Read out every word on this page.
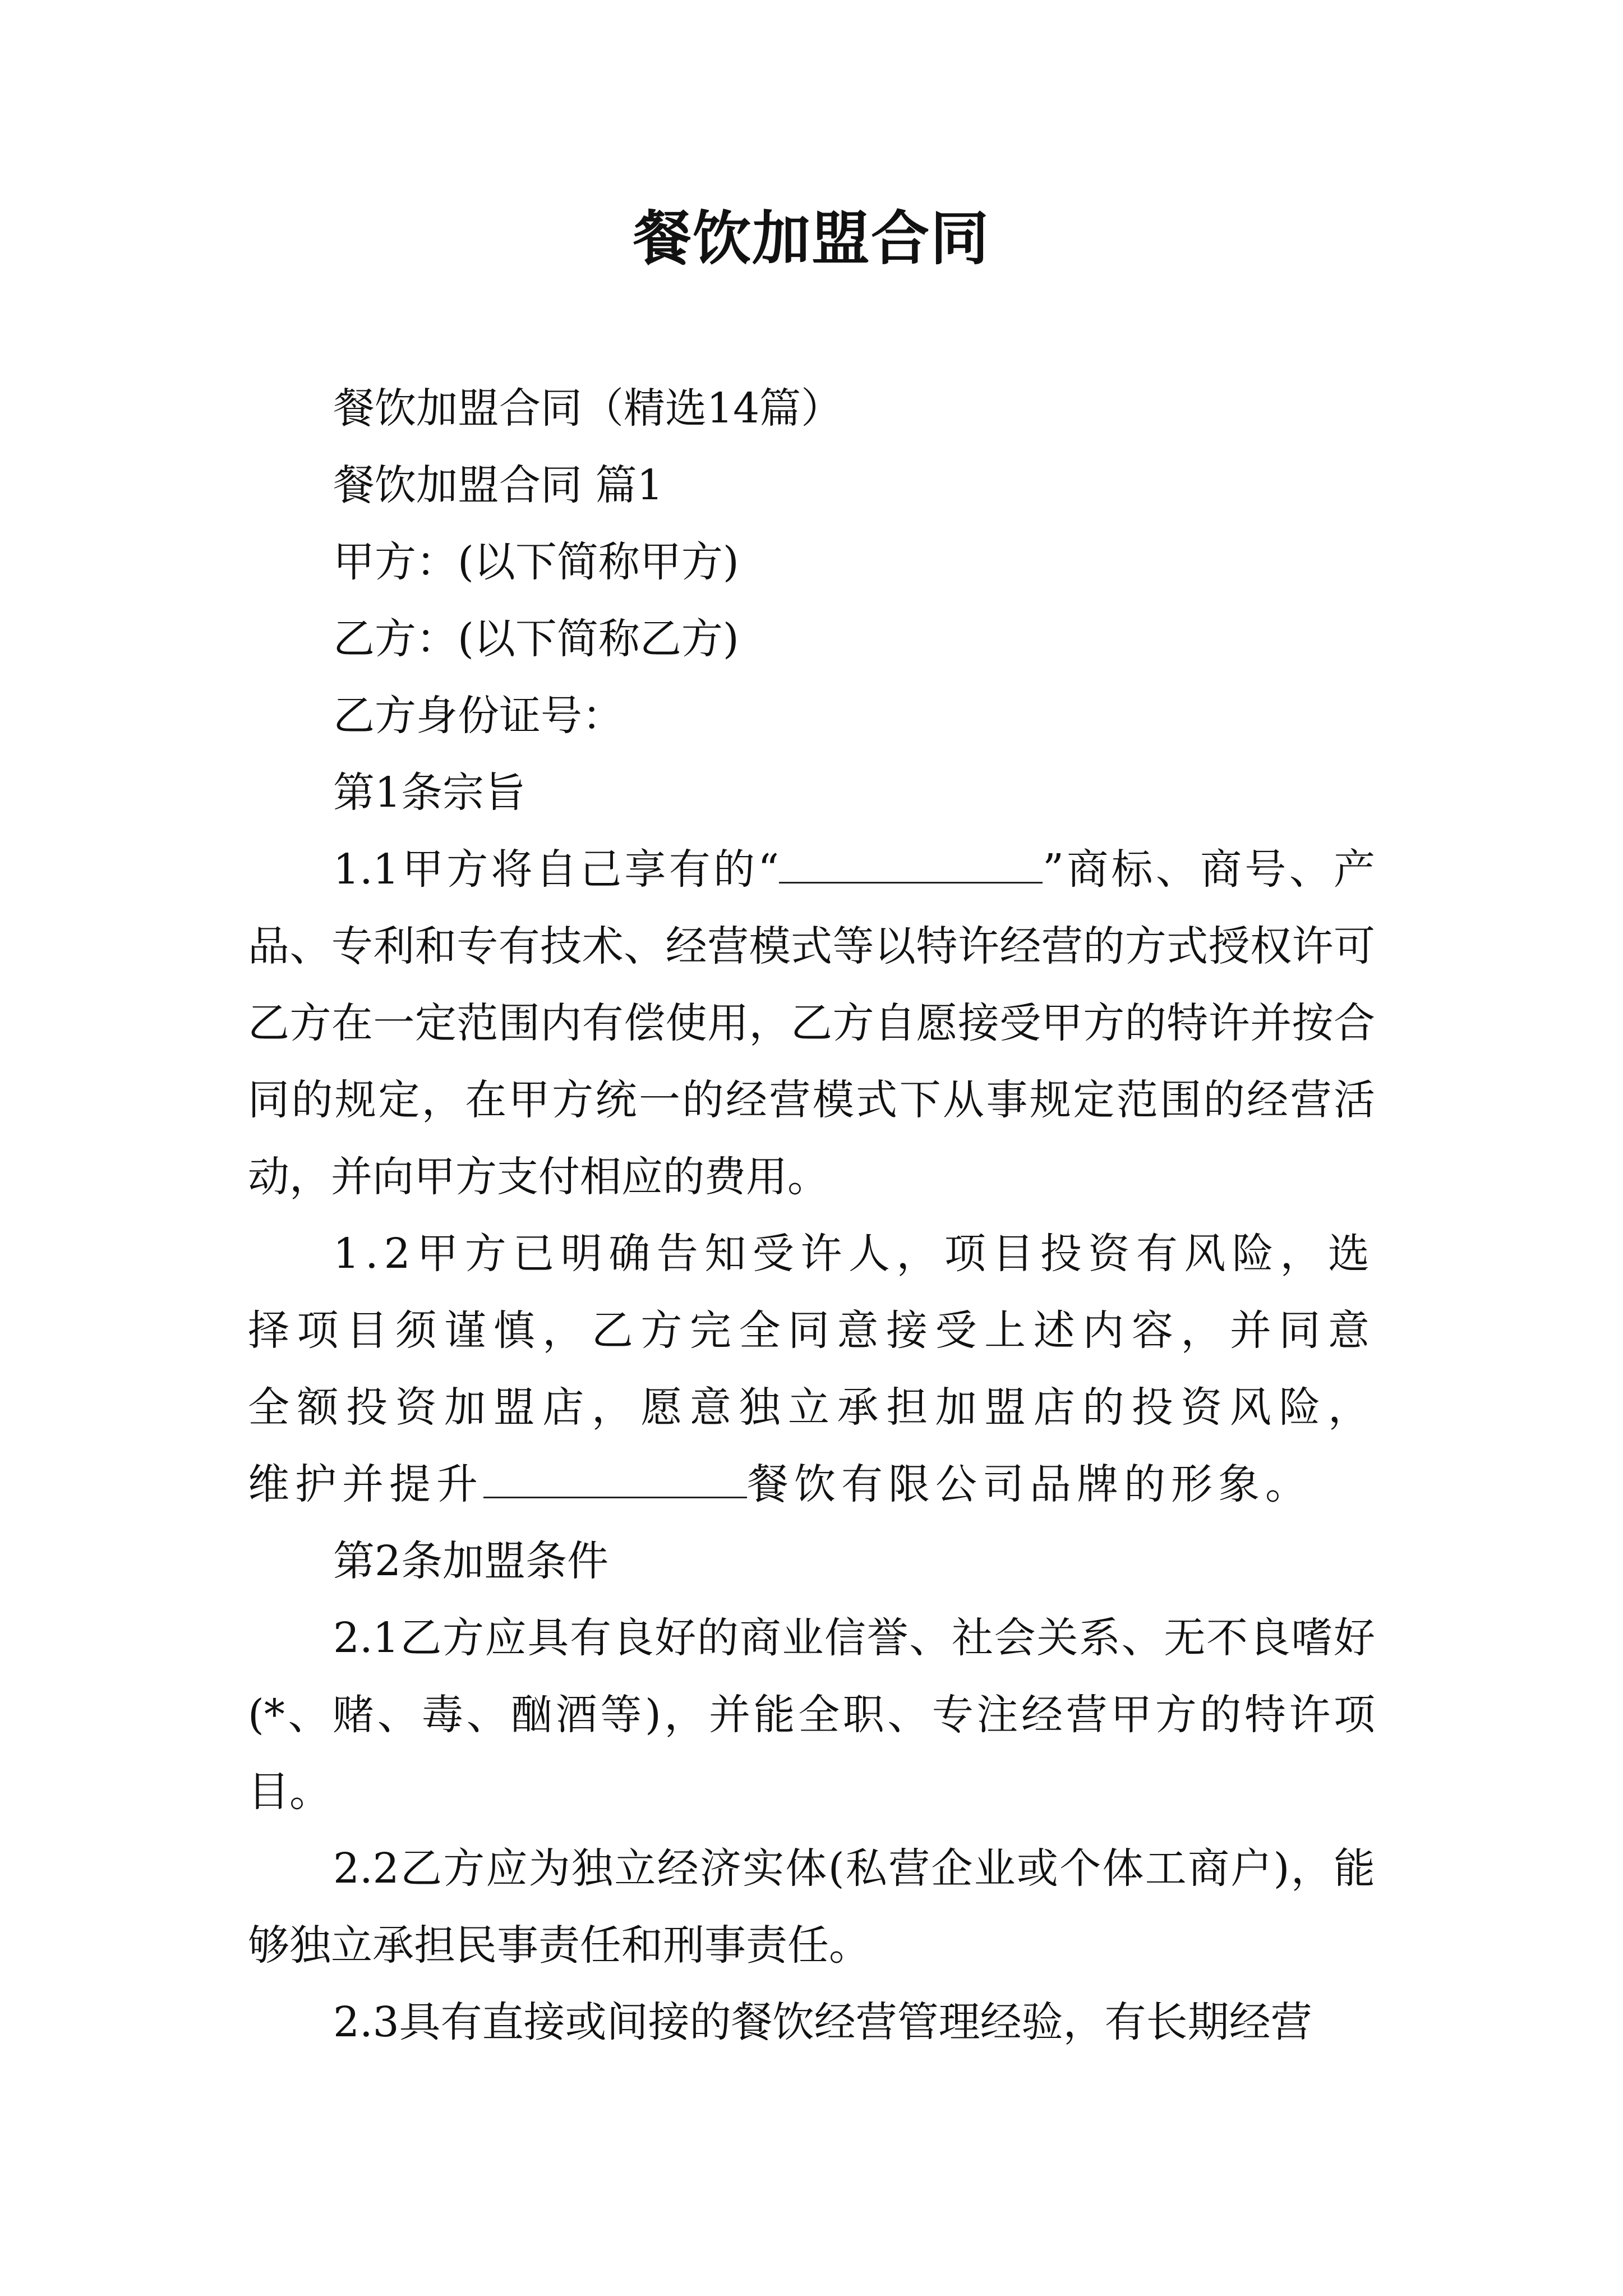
餐饮加盟合同

餐饮加盟合同（精选14篇）

餐饮加盟合同 篇1

甲方：(以下简称甲方)

乙方：(以下简称乙方)

乙方身份证号：

第1条宗旨

1.1甲方将自己享有的“	”商标、商号、产品、专利和专有技术、经营模式等以特许经营的方式授权许可乙方在一定范围内有偿使用，乙方自愿接受甲方的特许并按合同的规定，在甲方统一的经营模式下从事规定范围的经营活动，并向甲方支付相应的费用。

1.2甲方已明确告知受许人，项目投资有风险，选择项目须谨慎，乙方完全同意接受上述内容，并同意全额投资加盟店，愿意独立承担加盟店的投资风险，维护并提升	餐饮有限公司品牌的形象。

第2条加盟条件

2.1乙方应具有良好的商业信誉、社会关系、无不良嗜好(*、赌、毒、酗酒等)，并能全职、专注经营甲方的特许项目。

2.2乙方应为独立经济实体(私营企业或个体工商户)，能够独立承担民事责任和刑事责任。

2.3具有直接或间接的餐饮经营管理经验，有长期经营
